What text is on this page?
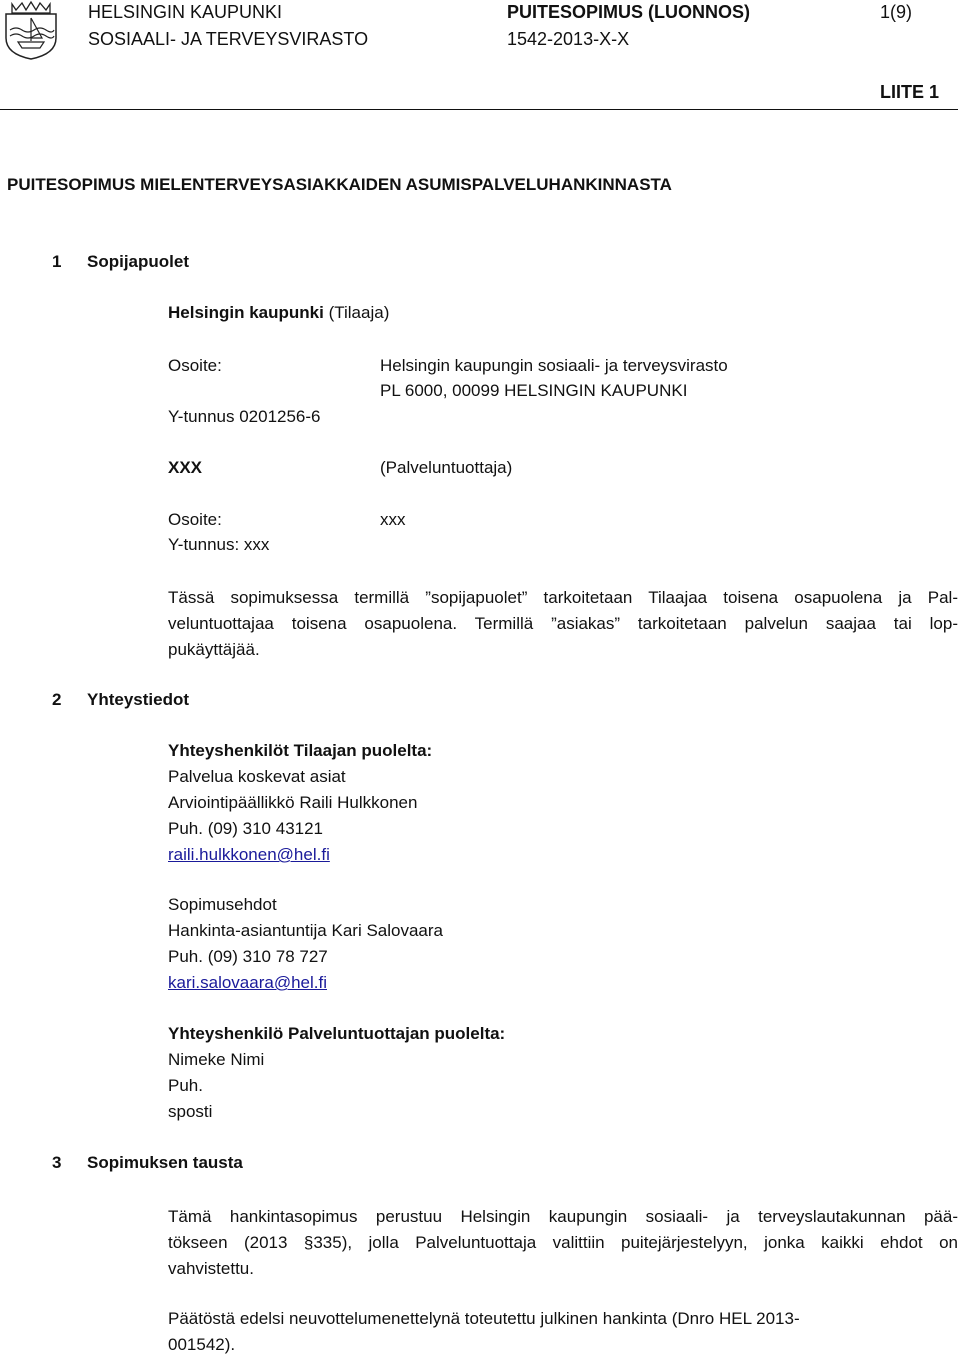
HELSINGIN KAUPUNKI
SOSIAALI- JA TERVEYSVIRASTO
PUITESOPIMUS (LUONNOS)
1542-2013-X-X
1(9)
LIITE 1
PUITESOPIMUS MIELENTERVEYSASIAKKAIDEN ASUMISPALVELUHANKINNASTA
1 Sopijapuolet
Helsingin kaupunki (Tilaaja)
Osoite:	Helsingin kaupungin sosiaali- ja terveysvirasto
PL 6000, 00099 HELSINGIN KAUPUNKI
Y-tunnus 0201256-6
XXX	(Palveluntuottaja)
Osoite:	xxx
Y-tunnus: xxx
Tässä sopimuksessa termillä ”sopijapuolet” tarkoitetaan Tilaajaa toisena osapuolena ja Pal-
veluntuottajaa toisena osapuolena. Termillä ”asiakas” tarkoitetaan palvelun saajaa tai lop-
pukäyttäjää.
2 Yhteystiedot
Yhteyshenkilöt Tilaajan puolelta:
Palvelua koskevat asiat
Arviointipäällikkö Raili Hulkkonen
Puh. (09) 310 43121
raili.hulkkonen@hel.fi
Sopimusehdot
Hankinta-asiantuntija Kari Salovaara
Puh. (09) 310 78 727
kari.salovaara@hel.fi
Yhteyshenkilö Palveluntuottajan puolelta:
Nimeke Nimi
Puh.
sposti
3 Sopimuksen tausta
Tämä hankintasopimus perustuu Helsingin kaupungin sosiaali- ja terveyslautakunnan pää-
tökseen (2013 §335), jolla Palveluntuottaja valittiin puitejärjestelyyn, jonka kaikki ehdot on
vahvistettu.
Päätöstä edelsi neuvottelumenettelynä toteutettu julkinen hankinta (Dnro HEL 2013-
001542).
